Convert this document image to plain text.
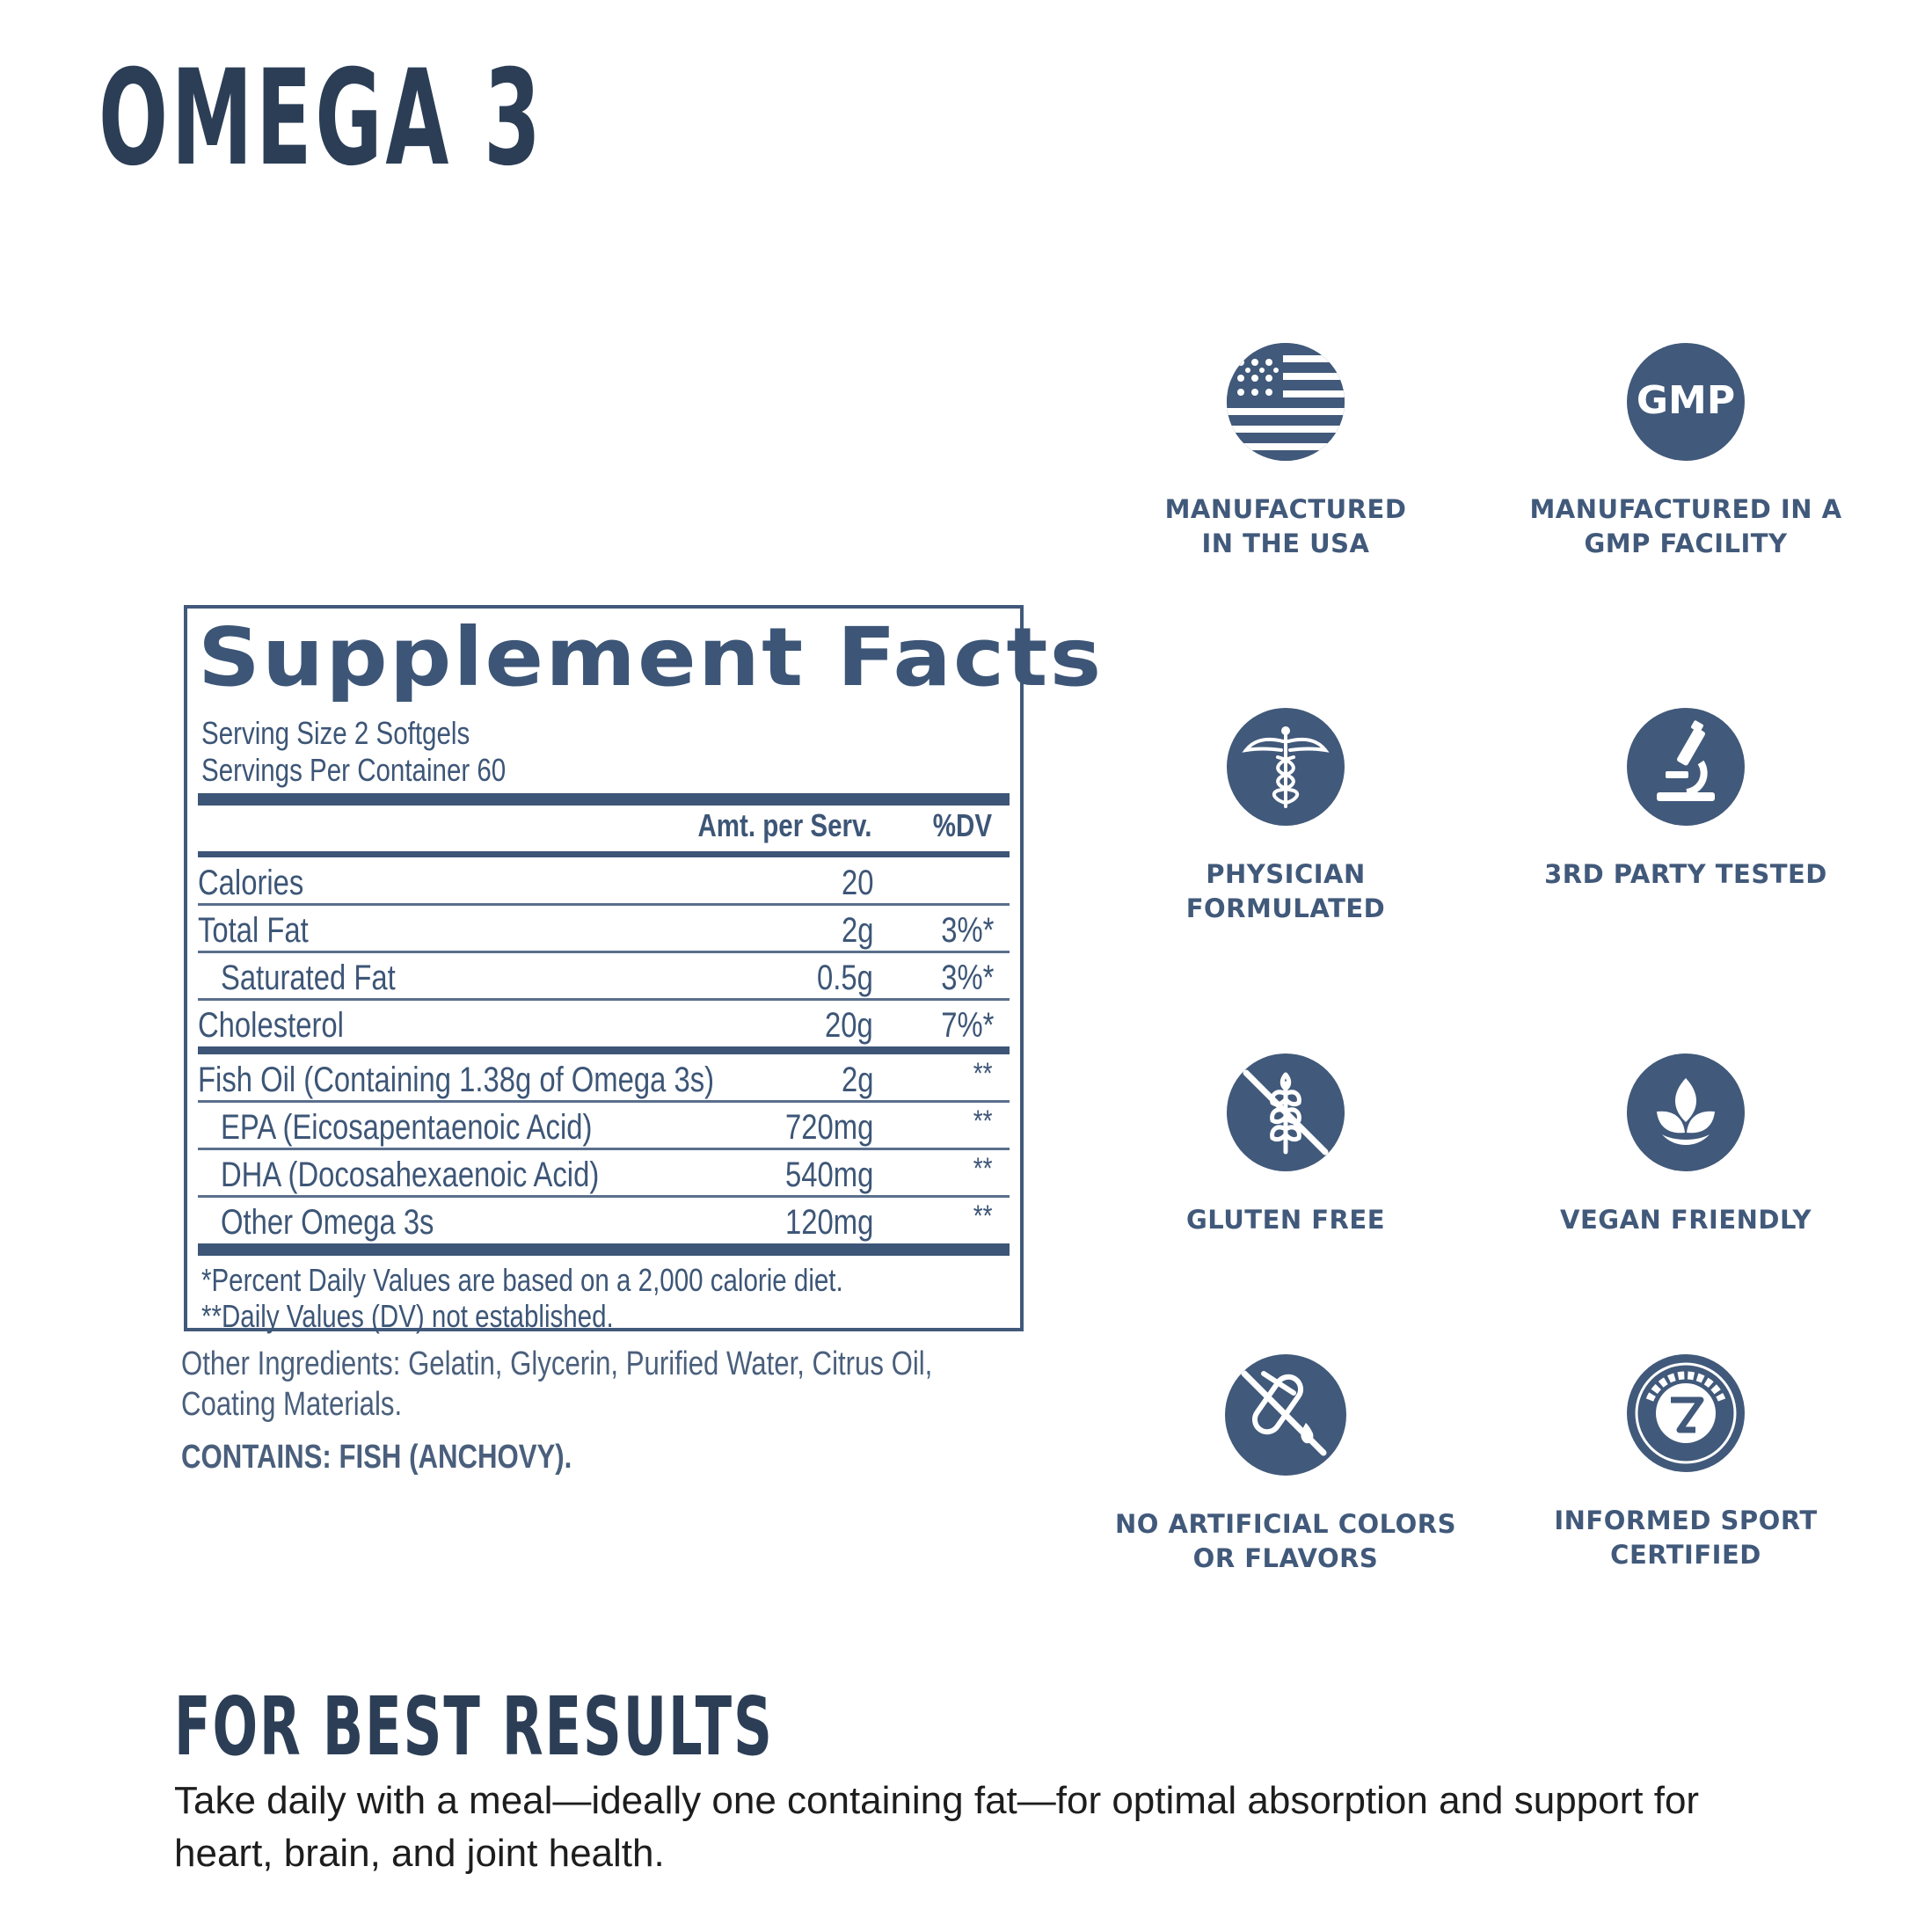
OMEGA 3
Supplement Facts
Serving Size 2 Softgels
Servings Per Container 60
Amt. per Serv. %DV
Calories	20
Total Fat	2g 3%*
Saturated Fat	0.5g 3%*
Cholesterol	20g 7%*
Fish Oil (Containing 1.38g of Omega 3s)	2g	**
EPA (Eicosapentaenoic Acid)	720mg	**
DHA (Docosahexaenoic Acid)	540mg	**
Other Omega 3s	120mg	**
*Percent Daily Values are based on a 2,000 calorie diet.
**Daily Values (DV) not established.
Other Ingredients: Gelatin, Glycerin, Purified Water, Citrus Oil,
Coating Materials.
CONTAINS: FISH (ANCHOVY).
MANUFACTURED
IN THE USA
GMP
MANUFACTURED IN A
GMP FACILITY
PHYSICIAN
FORMULATED
3RD PARTY TESTED
GLUTEN FREE	VEGAN FRIENDLY
NO ARTIFICIAL COLORS
OR FLAVORS
INFORMED SPORT
CERTIFIED
FOR BEST RESULTS
Take daily with a meal—ideally one containing fat—for optimal absorption and support for heart, brain, and joint health.
